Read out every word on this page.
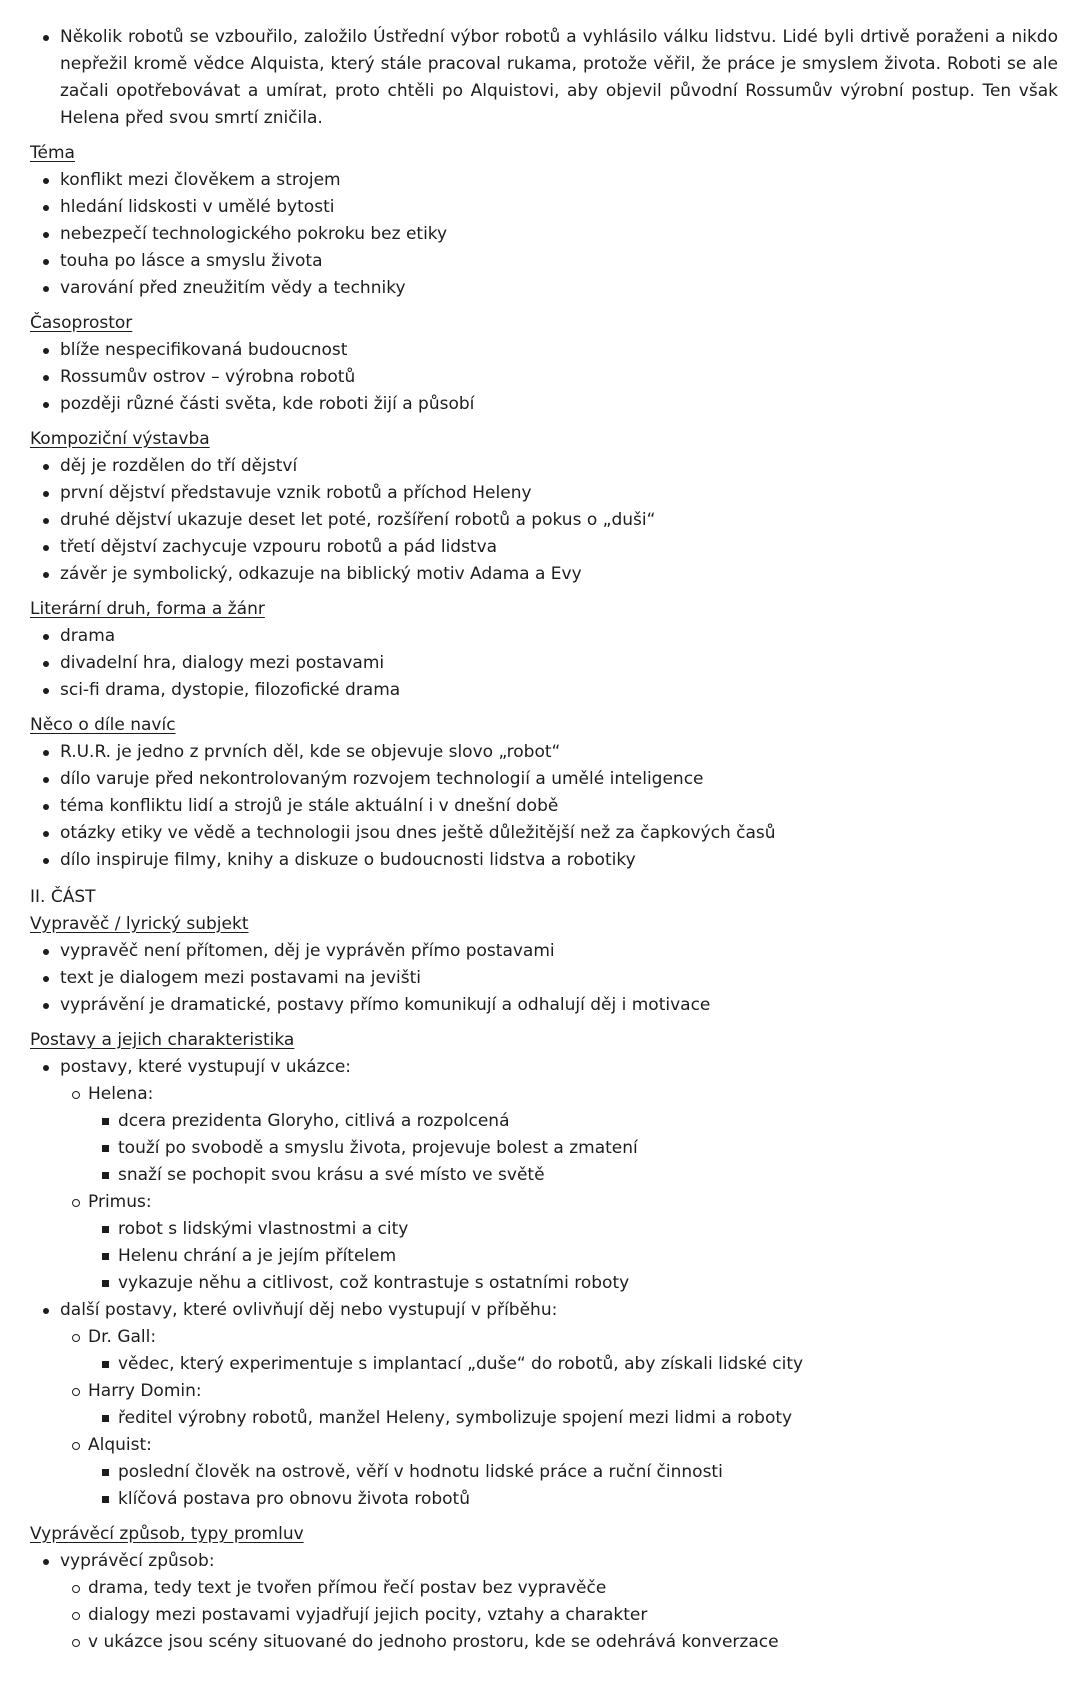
Několik robotů se vzbouřilo, založilo Ústřední výbor robotů a vyhlásilo válku lidstvu. Lidé byli drtivě poraženi a nikdo nepřežil kromě vědce Alquista, který stále pracoval rukama, protože věřil, že práce je smyslem života. Roboti se ale začali opotřebovávat a umírat, proto chtěli po Alquistovi, aby objevil původní Rossumův výrobní postup. Ten však Helena před svou smrtí zničila.
Téma
konflikt mezi člověkem a strojem
hledání lidskosti v umělé bytosti
nebezpečí technologického pokroku bez etiky
touha po lásce a smyslu života
varování před zneužitím vědy a techniky
Časoprostor
blíže nespecifikovaná budoucnost
Rossumův ostrov – výrobna robotů
později různé části světa, kde roboti žijí a působí
Kompoziční výstavba
děj je rozdělen do tří dějství
první dějství představuje vznik robotů a příchod Heleny
druhé dějství ukazuje deset let poté, rozšíření robotů a pokus o „duši“
třetí dějství zachycuje vzpouru robotů a pád lidstva
závěr je symbolický, odkazuje na biblický motiv Adama a Evy
Literární druh, forma a žánr
drama
divadelní hra, dialogy mezi postavami
sci-fi drama, dystopie, filozofické drama
Něco o díle navíc
R.U.R. je jedno z prvních děl, kde se objevuje slovo „robot“
dílo varuje před nekontrolovaným rozvojem technologií a umělé inteligence
téma konfliktu lidí a strojů je stále aktuální i v dnešní době
otázky etiky ve vědě a technologii jsou dnes ještě důležitější než za čapkových časů
dílo inspiruje filmy, knihy a diskuze o budoucnosti lidstva a robotiky
II. ČÁST
Vypravěč / lyrický subjekt
vypravěč není přítomen, děj je vyprávěn přímo postavami
text je dialogem mezi postavami na jevišti
vyprávění je dramatické, postavy přímo komunikují a odhalují děj i motivace
Postavy a jejich charakteristika
postavy, které vystupují v ukázce:
Helena:
dcera prezidenta Gloryho, citlivá a rozpolcená
touží po svobodě a smyslu života, projevuje bolest a zmatení
snaží se pochopit svou krásu a své místo ve světě
Primus:
robot s lidskými vlastnostmi a city
Helenu chrání a je jejím přítelem
vykazuje něhu a citlivost, což kontrastuje s ostatními roboty
další postavy, které ovlivňují děj nebo vystupují v příběhu:
Dr. Gall:
vědec, který experimentuje s implantací „duše“ do robotů, aby získali lidské city
Harry Domin:
ředitel výrobny robotů, manžel Heleny, symbolizuje spojení mezi lidmi a roboty
Alquist:
poslední člověk na ostrově, věří v hodnotu lidské práce a ruční činnosti
klíčová postava pro obnovu života robotů
Vyprávěcí způsob, typy promluv
vyprávěcí způsob:
drama, tedy text je tvořen přímou řečí postav bez vypravěče
dialogy mezi postavami vyjadřují jejich pocity, vztahy a charakter
v ukázce jsou scény situované do jednoho prostoru, kde se odehrává konverzace
